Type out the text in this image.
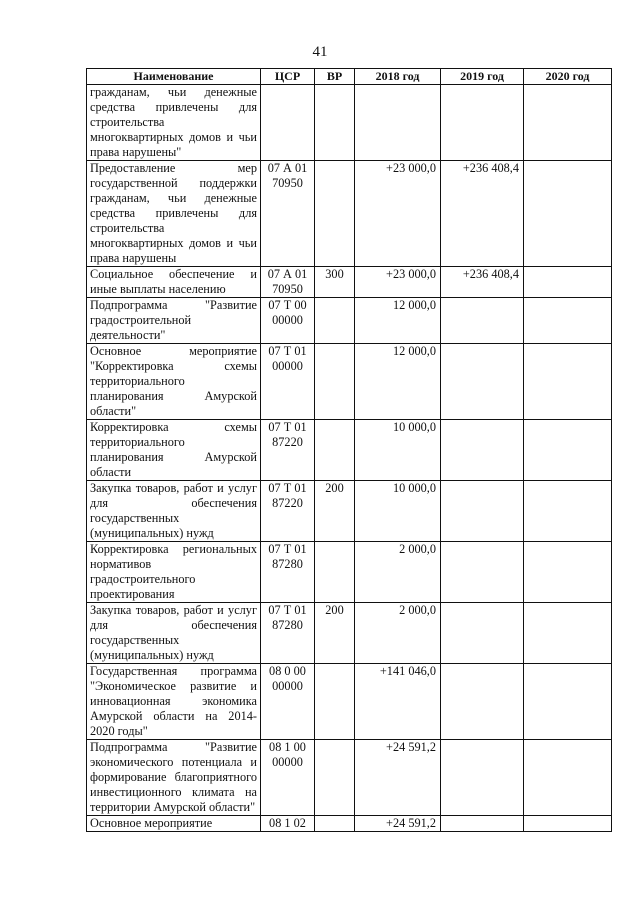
41
Наименование	ЦСР	ВР	2018 год	2019 год	2020 год
гражданам, чьи денежные средства привлечены для строительства многоквартирных домов и чьи права нарушены"					
Предоставление мер государственной поддержки гражданам, чьи денежные средства привлечены для строительства многоквартирных домов и чьи права нарушены	07 А 01 70950		+23 000,0	+236 408,4	
Социальное обеспечение и иные выплаты населению	07 А 01 70950	300	+23 000,0	+236 408,4	
Подпрограмма "Развитие градостроительной деятельности"	07 Т 00 00000		12 000,0		
Основное мероприятие "Корректировка схемы территориального планирования Амурской области"	07 Т 01 00000		12 000,0		
Корректировка схемы территориального планирования Амурской области	07 Т 01 87220		10 000,0		
Закупка товаров, работ и услуг для обеспечения государственных (муниципальных) нужд	07 Т 01 87220	200	10 000,0		
Корректировка региональных нормативов градостроительного проектирования	07 Т 01 87280		2 000,0		
Закупка товаров, работ и услуг для обеспечения государственных (муниципальных) нужд	07 Т 01 87280	200	2 000,0		
Государственная программа "Экономическое развитие и инновационная экономика Амурской области на 2014-2020 годы"	08 0 00 00000		+141 046,0		
Подпрограмма "Развитие экономического потенциала и формирование благоприятного инвестиционного климата на территории Амурской области"	08 1 00 00000		+24 591,2		
Основное мероприятие	08 1 02		+24 591,2		
